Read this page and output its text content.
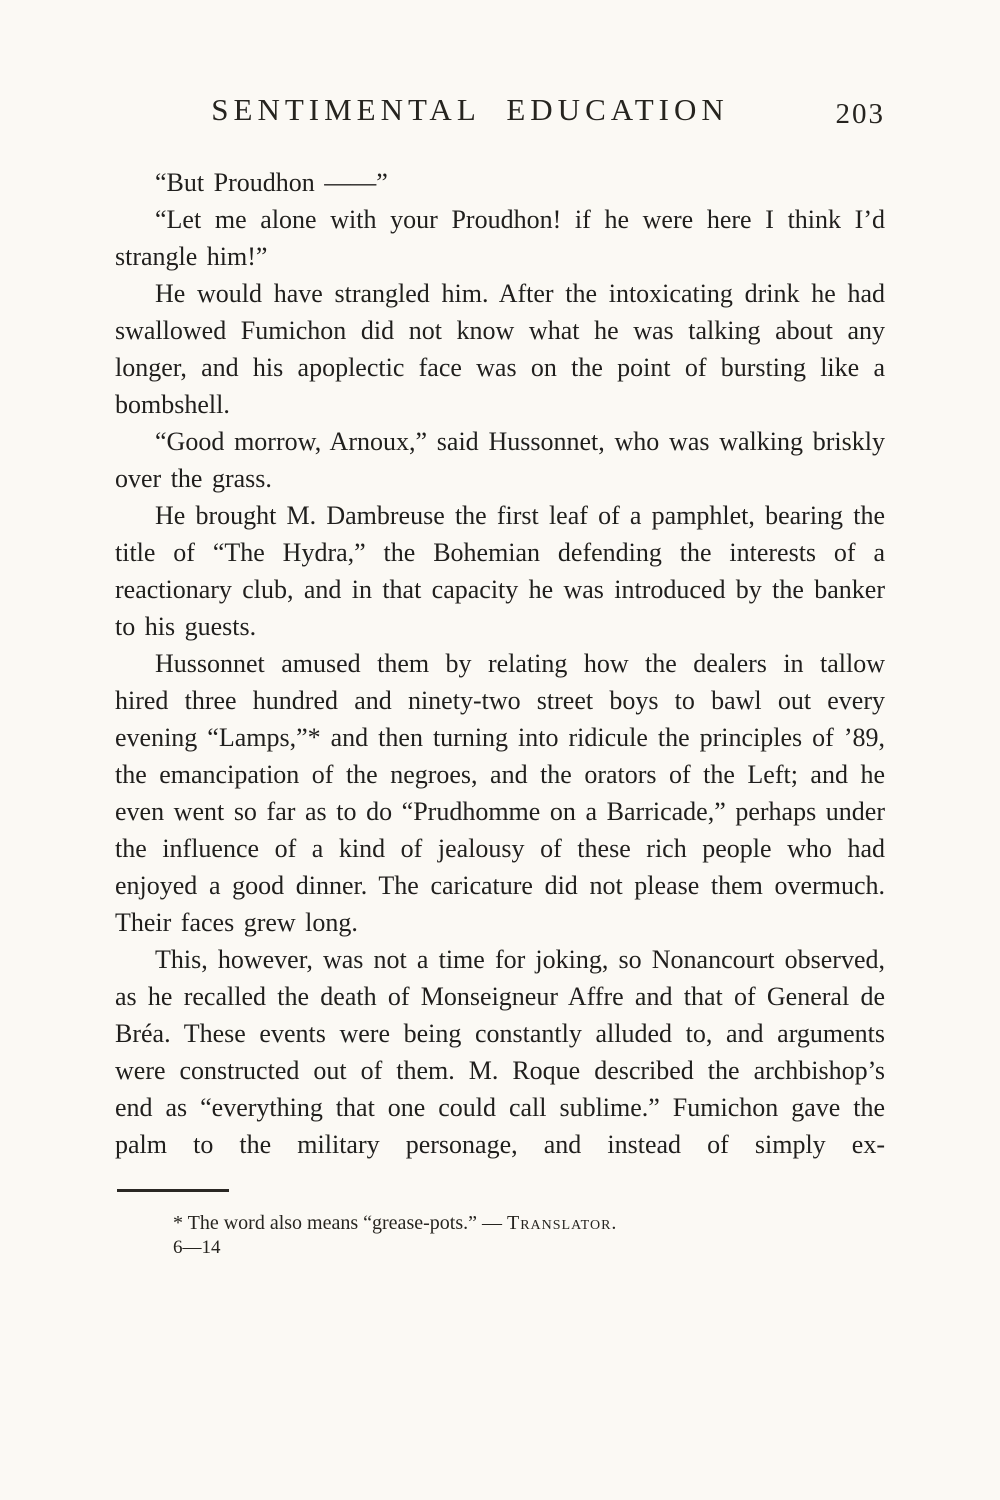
SENTIMENTAL EDUCATION	203

“But Proudhon ——”

“Let me alone with your Proudhon! if he were here I think I’d strangle him!”

He would have strangled him. After the intoxicating drink he had swallowed Fumichon did not know what he was talking about any longer, and his apoplectic face was on the point of bursting like a bombshell.

“Good morrow, Arnoux,” said Hussonnet, who was walking briskly over the grass.

He brought M. Dambreuse the first leaf of a pamphlet, bearing the title of “The Hydra,” the Bohemian defending the interests of a reactionary club, and in that capacity he was introduced by the banker to his guests.

Hussonnet amused them by relating how the dealers in tallow hired three hundred and ninety-two street boys to bawl out every evening “Lamps,”* and then turning into ridicule the principles of ’89, the emancipation of the negroes, and the orators of the Left; and he even went so far as to do “Prudhomme on a Barricade,” perhaps under the influence of a kind of jealousy of these rich people who had enjoyed a good dinner. The caricature did not please them overmuch. Their faces grew long.

This, however, was not a time for joking, so Nonancourt observed, as he recalled the death of Monseigneur Affre and that of General de Bréa. These events were being constantly alluded to, and arguments were constructed out of them. M. Roque described the archbishop’s end as “everything that one could call sublime.” Fumichon gave the palm to the military personage, and instead of simply ex-

* The word also means “grease-pots.” — Translator.
6—14
